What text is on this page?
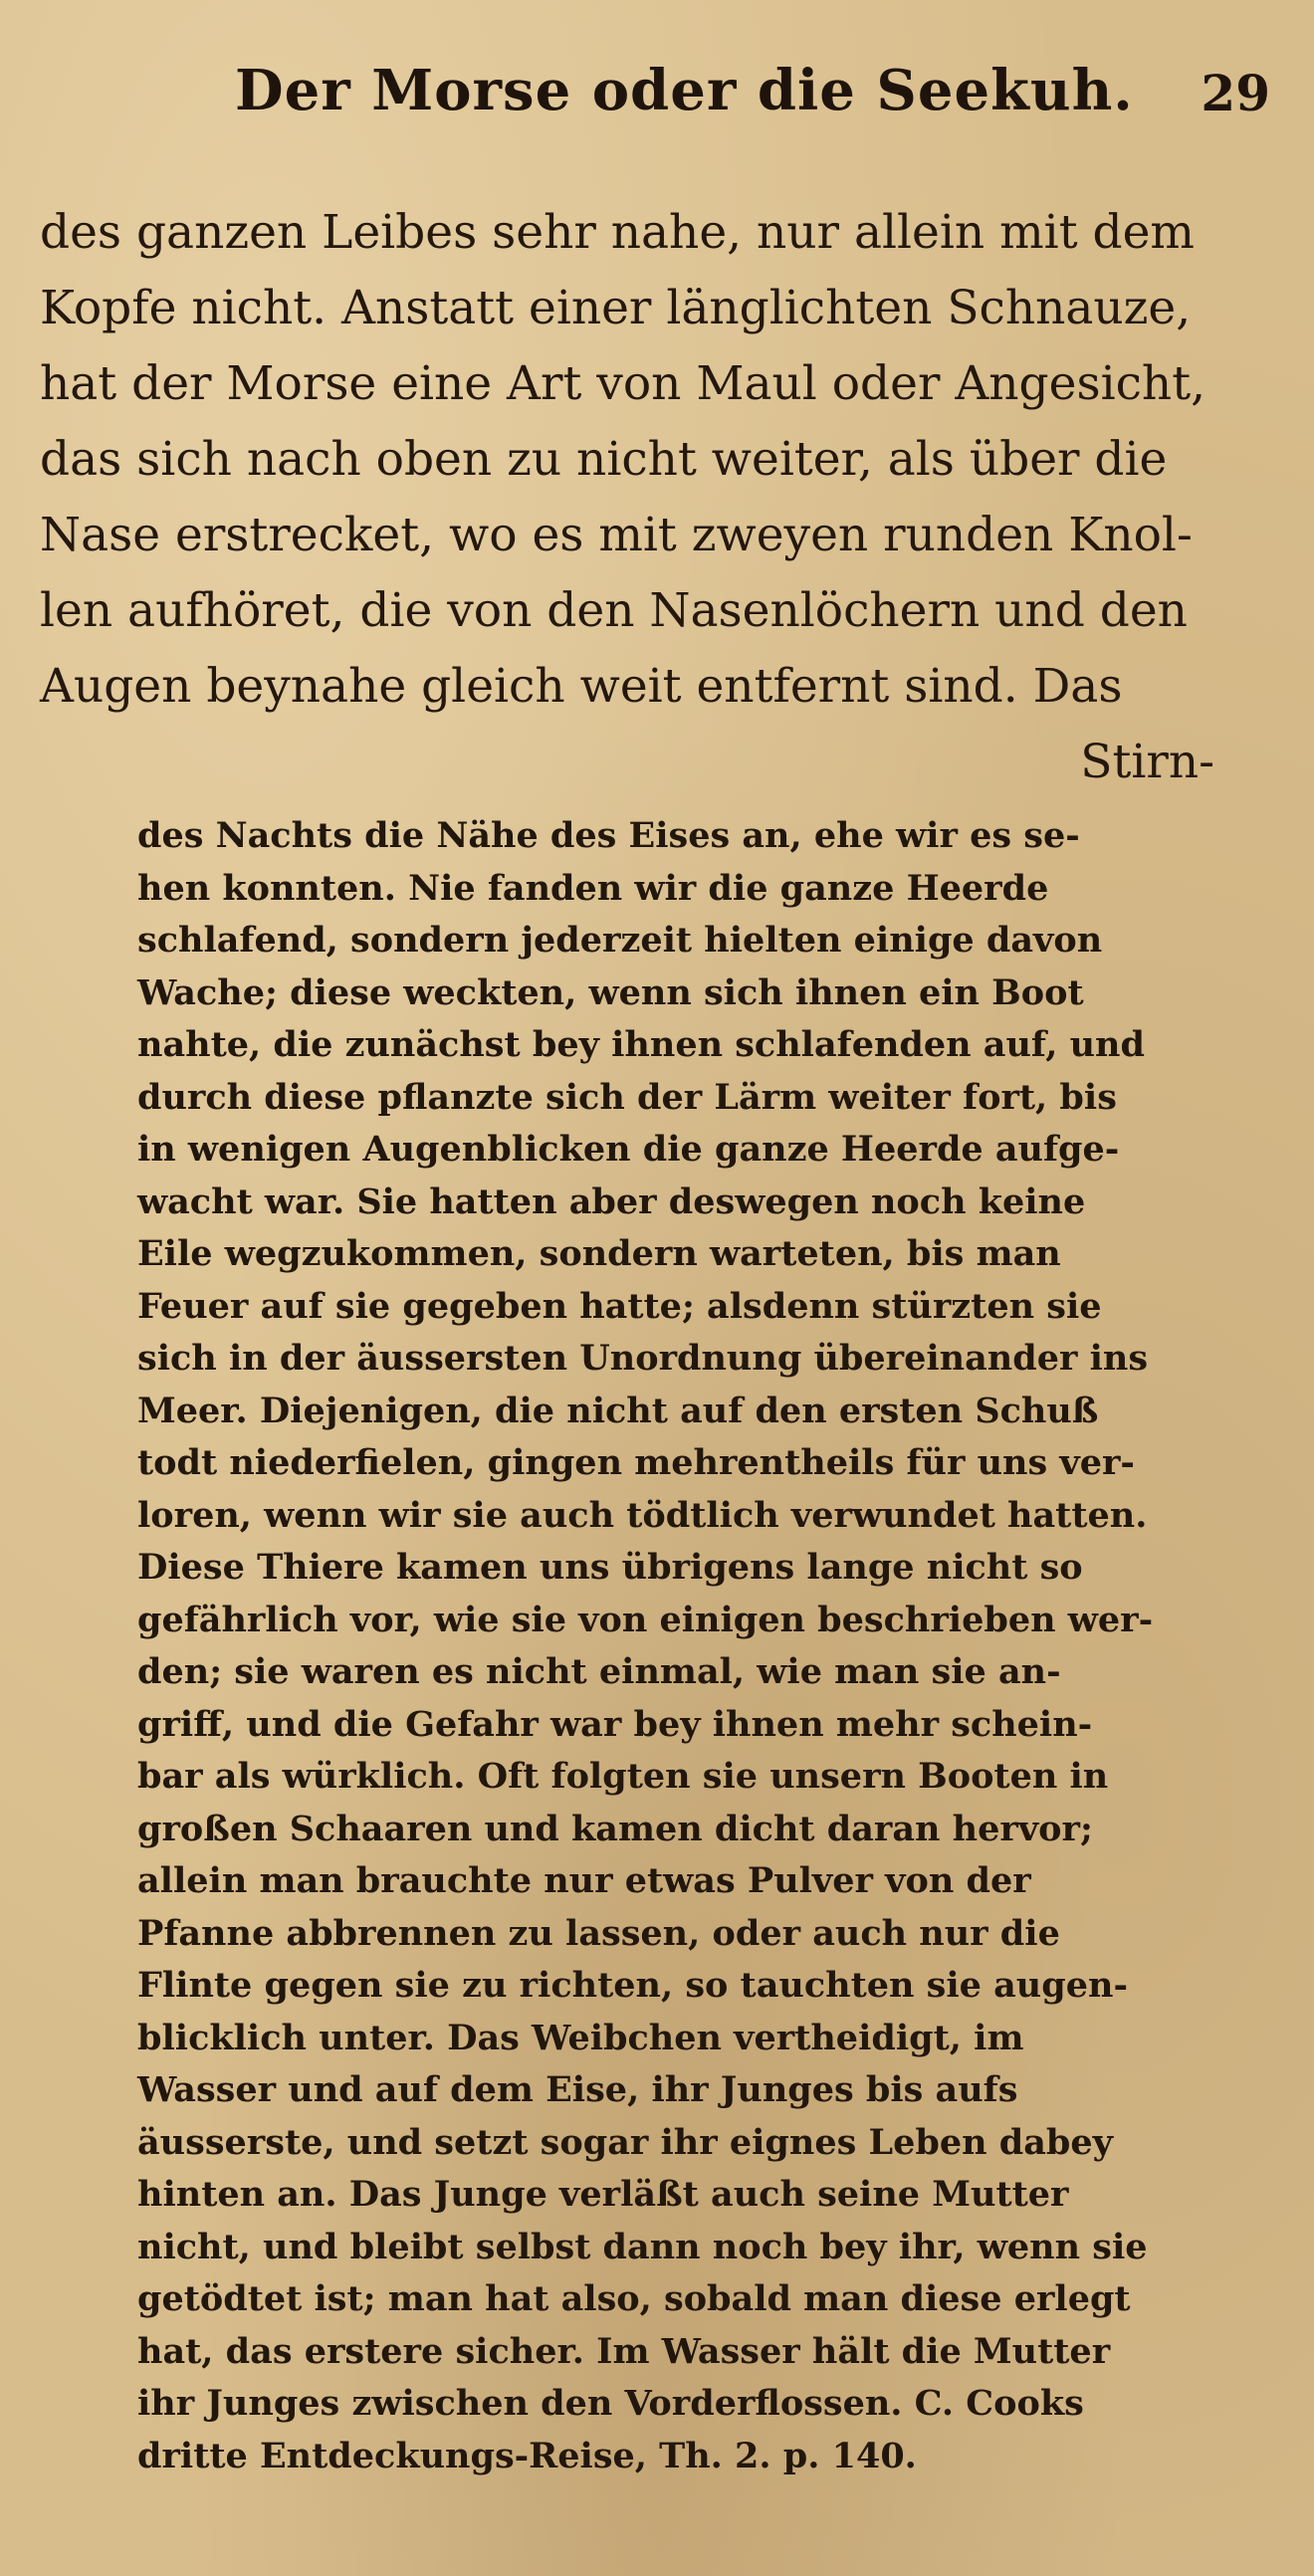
Der Morse oder die Seekuh. 29
des ganzen Leibes sehr nahe, nur allein mit dem
Kopfe nicht. Anstatt einer länglichten Schnauze,
hat der Morse eine Art von Maul oder Angesicht,
das sich nach oben zu nicht weiter, als über die
Nase erstrecket, wo es mit zweyen runden Knol-
len aufhöret, die von den Nasenlöchern und den
Augen beynahe gleich weit entfernt sind. Das
Stirn-
des Nachts die Nähe des Eises an, ehe wir es se-
hen konnten. Nie fanden wir die ganze Heerde
schlafend, sondern jederzeit hielten einige davon
Wache; diese weckten, wenn sich ihnen ein Boot
nahte, die zunächst bey ihnen schlafenden auf, und
durch diese pflanzte sich der Lärm weiter fort, bis
in wenigen Augenblicken die ganze Heerde aufge-
wacht war. Sie hatten aber deswegen noch keine
Eile wegzukommen, sondern warteten, bis man
Feuer auf sie gegeben hatte; alsdenn stürzten sie
sich in der äussersten Unordnung übereinander ins
Meer. Diejenigen, die nicht auf den ersten Schuß
todt niederfielen, gingen mehrentheils für uns ver-
loren, wenn wir sie auch tödtlich verwundet hatten.
Diese Thiere kamen uns übrigens lange nicht so
gefährlich vor, wie sie von einigen beschrieben wer-
den; sie waren es nicht einmal, wie man sie an-
griff, und die Gefahr war bey ihnen mehr schein-
bar als würklich. Oft folgten sie unsern Booten in
großen Schaaren und kamen dicht daran hervor;
allein man brauchte nur etwas Pulver von der
Pfanne abbrennen zu lassen, oder auch nur die
Flinte gegen sie zu richten, so tauchten sie augen-
blicklich unter. Das Weibchen vertheidigt, im
Wasser und auf dem Eise, ihr Junges bis aufs
äusserste, und setzt sogar ihr eignes Leben dabey
hinten an. Das Junge verläßt auch seine Mutter
nicht, und bleibt selbst dann noch bey ihr, wenn sie
getödtet ist; man hat also, sobald man diese erlegt
hat, das erstere sicher. Im Wasser hält die Mutter
ihr Junges zwischen den Vorderflossen. C. Cooks
dritte Entdeckungs-Reise, Th. 2. p. 140.
